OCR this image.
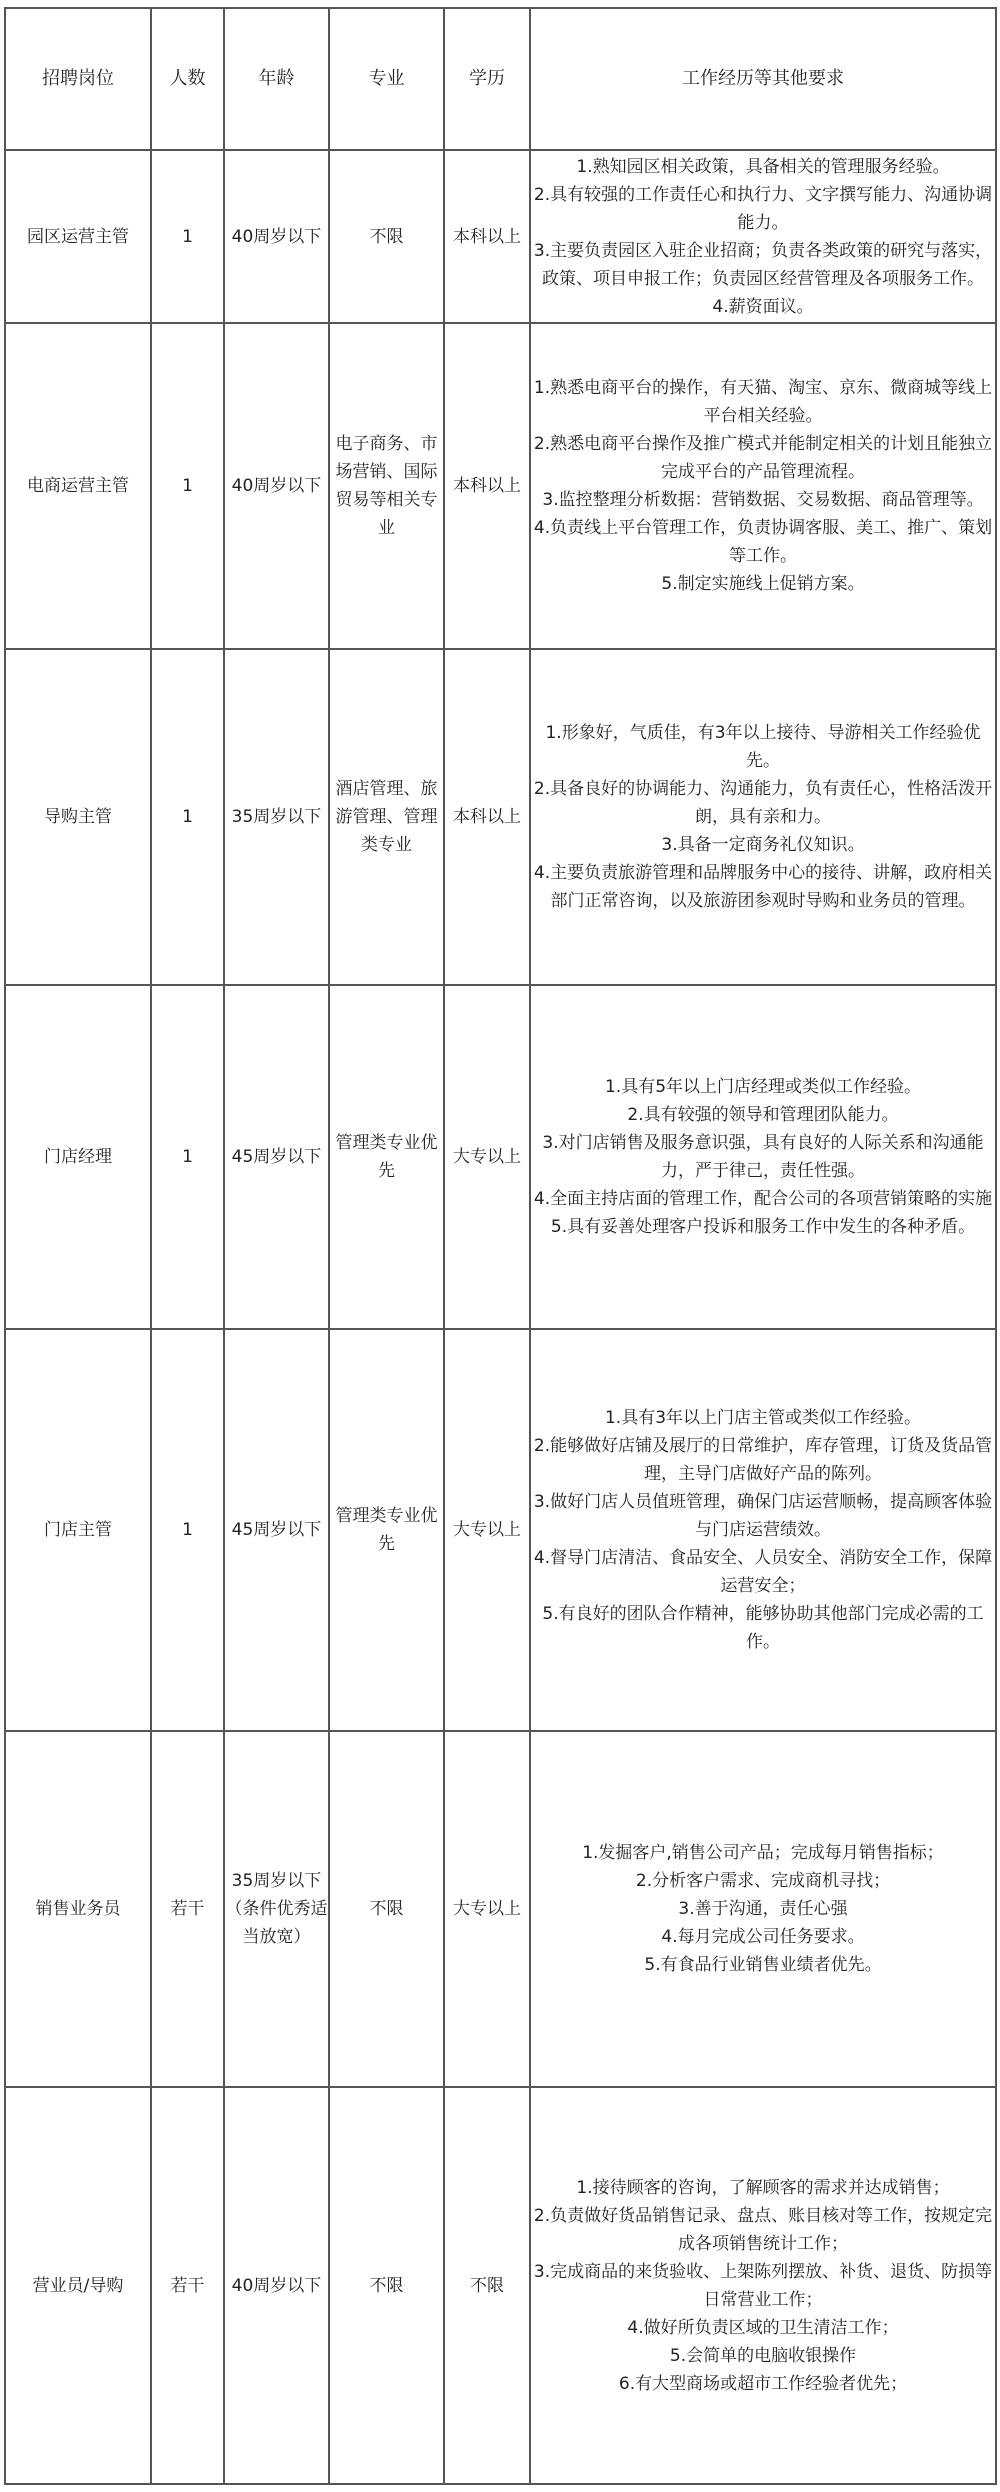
招聘岗位	人数	年龄	专业	学历	工作经历等其他要求
园区运营主管	1	40周岁以下	不限	本科以上	1.熟知园区相关政策，具备相关的管理服务经验。
2.具有较强的工作责任心和执行力、文字撰写能力、沟通协调能力。
3.主要负责园区入驻企业招商；负责各类政策的研究与落实，政策、项目申报工作；负责园区经营管理及各项服务工作。
4.薪资面议。

电商运营主管	1	40周岁以下	电子商务、市场营销、国际贸易等相关专业	本科以上	1.熟悉电商平台的操作，有天猫、淘宝、京东、微商城等线上平台相关经验。
2.熟悉电商平台操作及推广模式并能制定相关的计划且能独立完成平台的产品管理流程。
3.监控整理分析数据：营销数据、交易数据、商品管理等。
4.负责线上平台管理工作，负责协调客服、美工、推广、策划等工作。
5.制定实施线上促销方案。

导购主管	1	35周岁以下	酒店管理、旅游管理、管理类专业	本科以上	1.形象好，气质佳，有3年以上接待、导游相关工作经验优先。
2.具备良好的协调能力、沟通能力，负有责任心，性格活泼开朗，具有亲和力。
3.具备一定商务礼仪知识。
4.主要负责旅游管理和品牌服务中心的接待、讲解，政府相关部门正常咨询，以及旅游团参观时导购和业务员的管理。

门店经理	1	45周岁以下	管理类专业优先	大专以上	1.具有5年以上门店经理或类似工作经验。
2.具有较强的领导和管理团队能力。
3.对门店销售及服务意识强，具有良好的人际关系和沟通能力，严于律己，责任性强。
4.全面主持店面的管理工作，配合公司的各项营销策略的实施
5.具有妥善处理客户投诉和服务工作中发生的各种矛盾。

门店主管	1	45周岁以下	管理类专业优先	大专以上	1.具有3年以上门店主管或类似工作经验。
2.能够做好店铺及展厅的日常维护，库存管理，订货及货品管理，主导门店做好产品的陈列。
3.做好门店人员值班管理，确保门店运营顺畅，提高顾客体验与门店运营绩效。
4.督导门店清洁、食品安全、人员安全、消防安全工作，保障运营安全；
5.有良好的团队合作精神，能够协助其他部门完成必需的工作。

销售业务员	若干	35周岁以下（条件优秀适当放宽）	不限	大专以上	1.发掘客户,销售公司产品；完成每月销售指标；
2.分析客户需求、完成商机寻找；
3.善于沟通，责任心强
4.每月完成公司任务要求。
5.有食品行业销售业绩者优先。

营业员/导购	若干	40周岁以下	不限	不限	
1.接待顾客的咨询，了解顾客的需求并达成销售；
2.负责做好货品销售记录、盘点、账目核对等工作，按规定完成各项销售统计工作；
3.完成商品的来货验收、上架陈列摆放、补货、退货、防损等日常营业工作；
4.做好所负责区域的卫生清洁工作；
5.会简单的电脑收银操作
6.有大型商场或超市工作经验者优先；
